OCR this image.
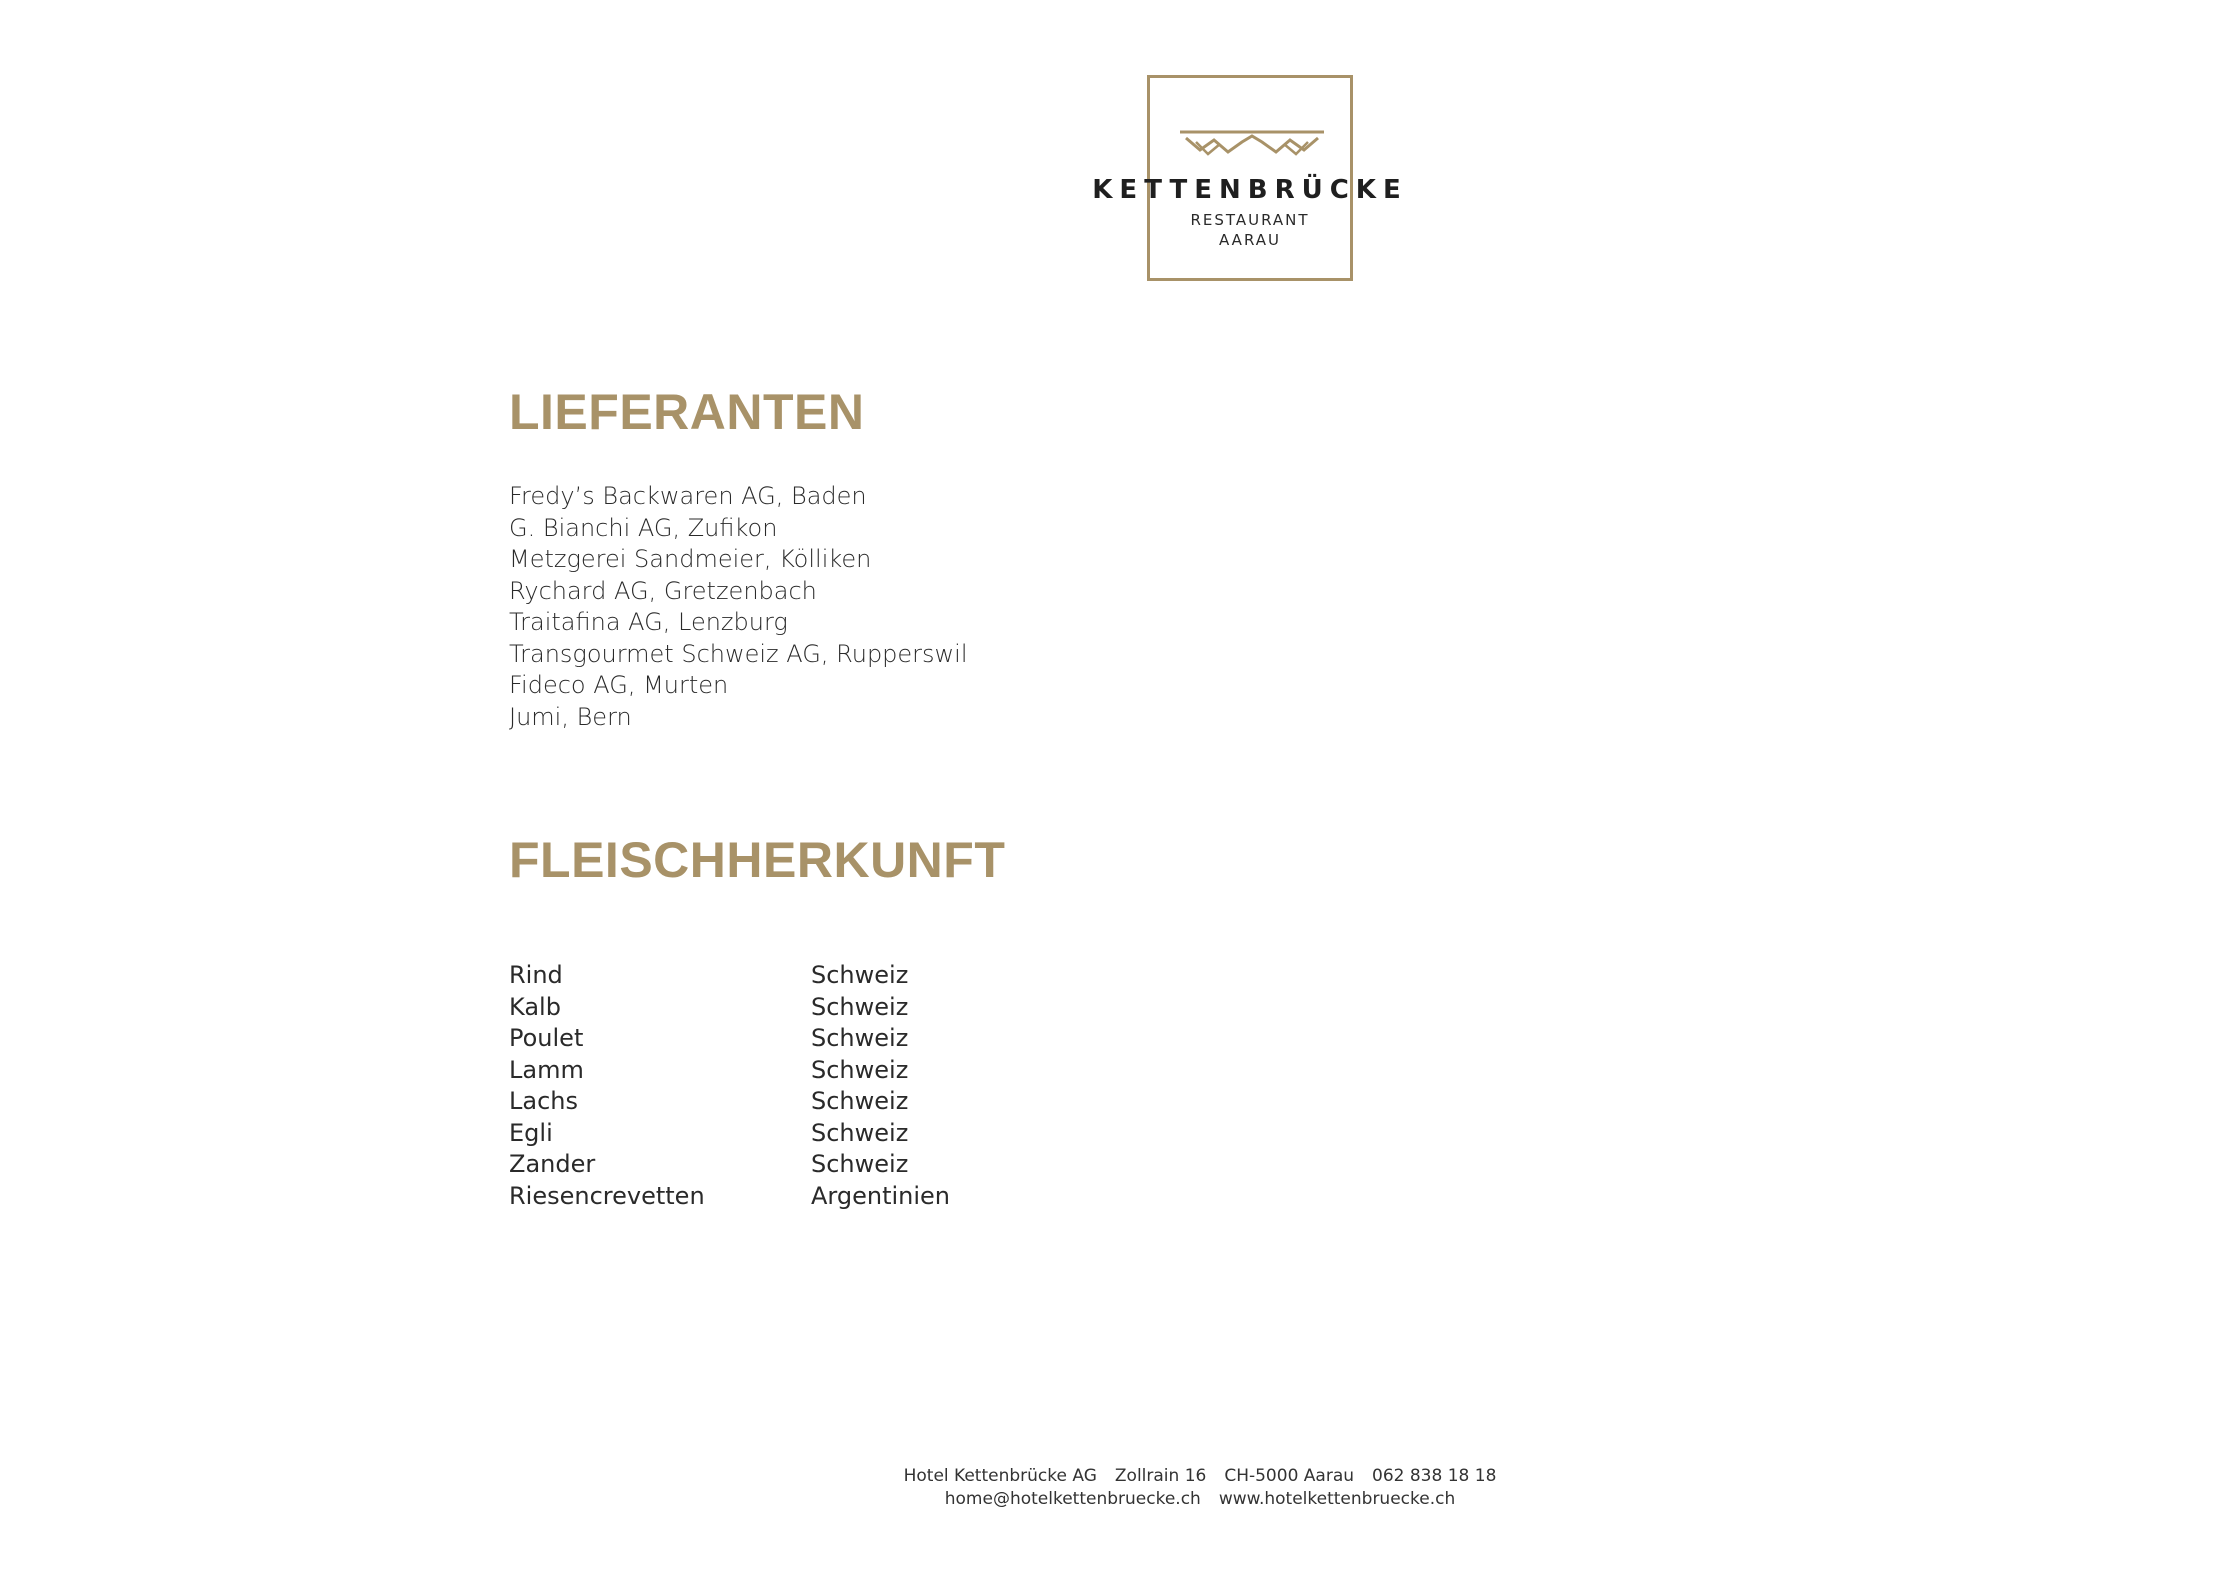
KETTENBRÜCKE
RESTAURANT
AARAU
LIEFERANTEN
Fredy’s Backwaren AG, Baden
G. Bianchi AG, Zufikon
Metzgerei Sandmeier, Kölliken
Rychard AG, Gretzenbach
Traitafina AG, Lenzburg
Transgourmet Schweiz AG, Rupperswil
Fideco AG, Murten
Jumi, Bern
FLEISCHHERKUNFT
Rind	Schweiz
Kalb	Schweiz
Poulet	Schweiz
Lamm	Schweiz
Lachs	Schweiz
Egli	Schweiz
Zander	Schweiz
Riesencrevetten	Argentinien
Hotel Kettenbrücke AG Zollrain 16 CH-5000 Aarau 062 838 18 18
home@hotelkettenbruecke.ch www.hotelkettenbruecke.ch
